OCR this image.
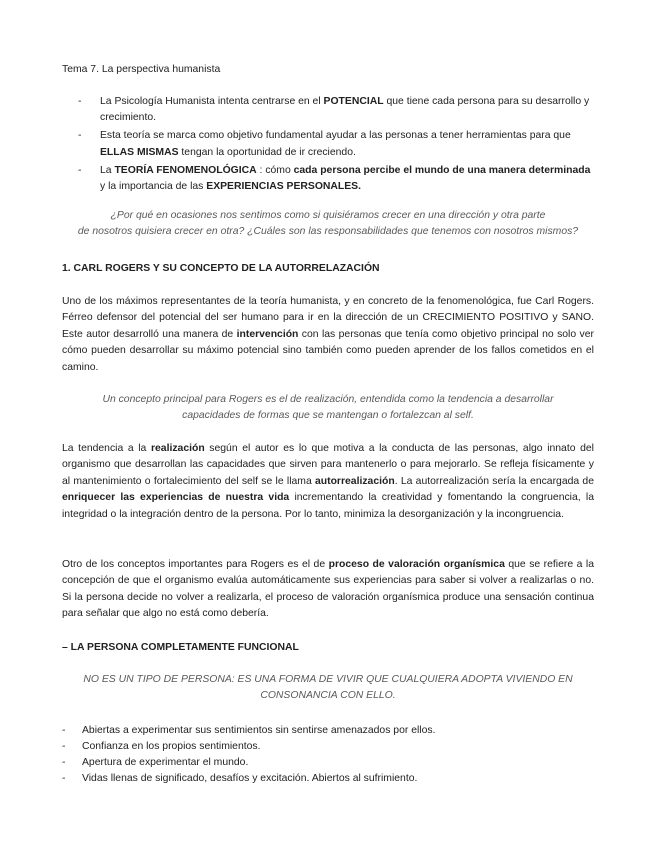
Tema 7. La perspectiva humanista
- La Psicología Humanista intenta centrarse en el POTENCIAL que tiene cada persona para su desarrollo y crecimiento.
- Esta teoría se marca como objetivo fundamental ayudar a las personas a tener herramientas para que ELLAS MISMAS tengan la oportunidad de ir creciendo.
- La TEORÍA FENOMENOLÓGICA : cómo cada persona percibe el mundo de una manera determinada y la importancia de las EXPERIENCIAS PERSONALES.
¿Por qué en ocasiones nos sentimos como si quisiéramos crecer en una dirección y otra parte
de nosotros quisiera crecer en otra? ¿Cuáles son las responsabilidades que tenemos con nosotros mismos?
1. CARL ROGERS Y SU CONCEPTO DE LA AUTORRELAZACIÓN
Uno de los máximos representantes de la teoría humanista, y en concreto de la fenomenológica, fue Carl Rogers. Férreo defensor del potencial del ser humano para ir en la dirección de un CRECIMIENTO POSITIVO y SANO. Este autor desarrolló una manera de intervención con las personas que tenía como objetivo principal no solo ver cómo pueden desarrollar su máximo potencial sino también como pueden aprender de los fallos cometidos en el camino.
Un concepto principal para Rogers es el de realización, entendida como la tendencia a desarrollar
capacidades de formas que se mantengan o fortalezcan al self.
La tendencia a la realización según el autor es lo que motiva a la conducta de las personas, algo innato del organismo que desarrollan las capacidades que sirven para mantenerlo o para mejorarlo. Se refleja físicamente y al mantenimiento o fortalecimiento del self se le llama autorrealización. La autorrealización sería la encargada de enriquecer las experiencias de nuestra vida incrementando la creatividad y fomentando la congruencia, la integridad o la integración dentro de la persona. Por lo tanto, minimiza la desorganización y la incongruencia.
Otro de los conceptos importantes para Rogers es el de proceso de valoración organísmica que se refiere a la concepción de que el organismo evalúa automáticamente sus experiencias para saber si volver a realizarlas o no. Si la persona decide no volver a realizarla, el proceso de valoración organísmica produce una sensación continua para señalar que algo no está como debería.
– LA PERSONA COMPLETAMENTE FUNCIONAL
NO ES UN TIPO DE PERSONA: ES UNA FORMA DE VIVIR QUE CUALQUIERA ADOPTA VIVIENDO EN
CONSONANCIA CON ELLO.
- Abiertas a experimentar sus sentimientos sin sentirse amenazados por ellos.
- Confianza en los propios sentimientos.
- Apertura de experimentar el mundo.
- Vidas llenas de significado, desafíos y excitación. Abiertos al sufrimiento.
